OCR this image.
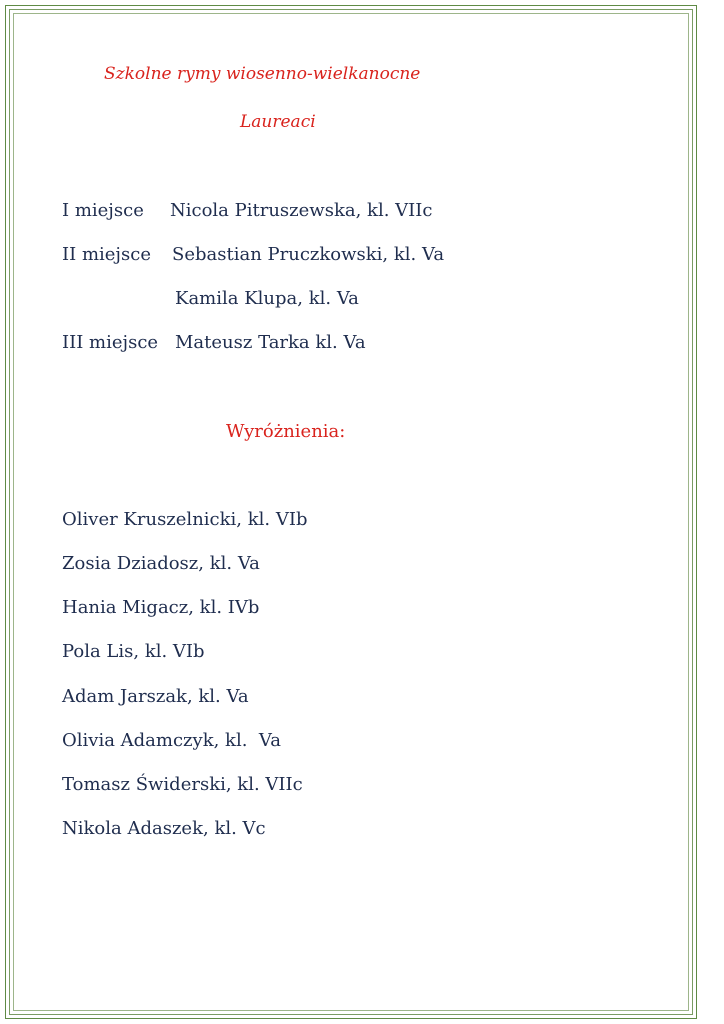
Szkolne rymy wiosenno-wielkanocne
Laureaci
I miejsce Nicola Pitruszewska, kl. VIIc
II miejsce Sebastian Pruczkowski, kl. Va
Kamila Klupa, kl. Va
III miejsce Mateusz Tarka kl. Va
Wyróżnienia:
Oliver Kruszelnicki, kl. VIb
Zosia Dziadosz, kl. Va
Hania Migacz, kl. IVb
Pola Lis, kl. VIb
Adam Jarszak, kl. Va
Olivia Adamczyk, kl.  Va
Tomasz Świderski, kl. VIIc
Nikola Adaszek, kl. Vc
